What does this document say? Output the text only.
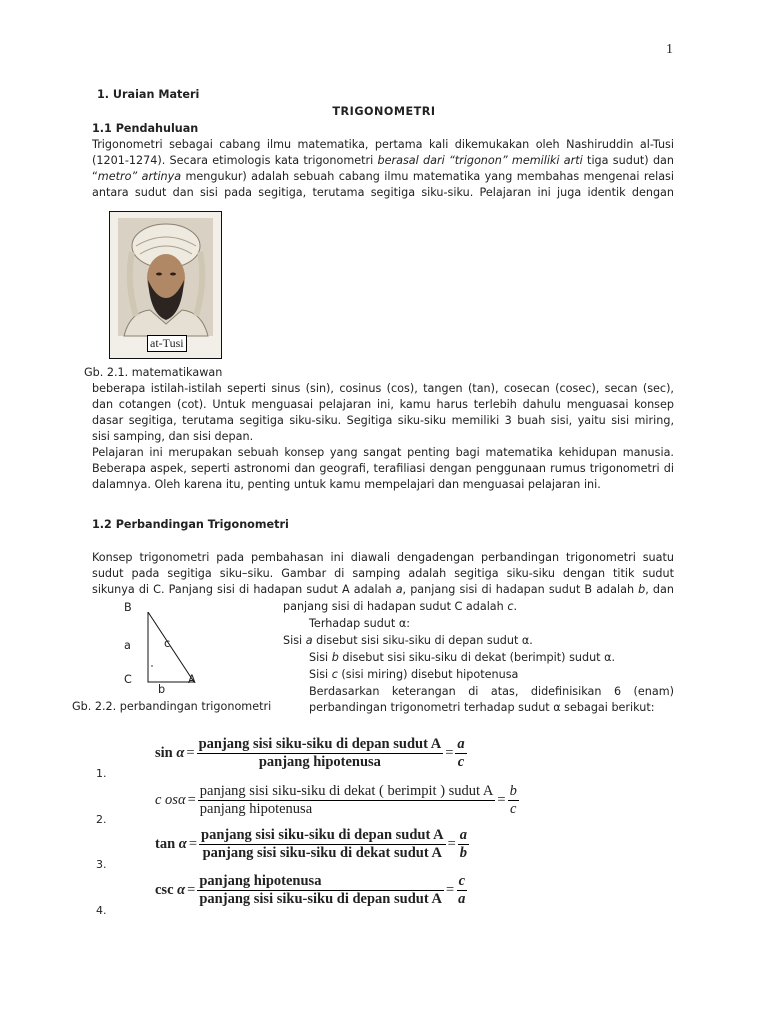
1
1. Uraian Materi
TRIGONOMETRI
1.1 Pendahuluan
Trigonometri sebagai cabang ilmu matematika, pertama kali dikemukakan oleh Nashiruddin al-Tusi
(1201-1274). Secara etimologis kata trigonometri berasal dari “trigonon” memiliki arti tiga sudut) dan
“metro” artinya mengukur) adalah sebuah cabang ilmu matematika yang membahas mengenai relasi
antara sudut dan sisi pada segitiga, terutama segitiga siku-siku. Pelajaran ini juga identik dengan
at-Tusi
Gb. 2.1. matematikawan
beberapa istilah-istilah seperti sinus (sin), cosinus (cos), tangen (tan), cosecan (cosec), secan (sec),
dan cotangen (cot). Untuk menguasai pelajaran ini, kamu harus terlebih dahulu menguasai konsep
dasar segitiga, terutama segitiga siku-siku. Segitiga siku-siku memiliki 3 buah sisi, yaitu sisi miring,
sisi samping, dan sisi depan.
Pelajaran ini merupakan sebuah konsep yang sangat penting bagi matematika kehidupan manusia.
Beberapa aspek, seperti astronomi dan geografi, terafiliasi dengan penggunaan rumus trigonometri di
dalamnya. Oleh karena itu, penting untuk kamu mempelajari dan menguasai pelajaran ini.
1.2 Perbandingan Trigonometri
Konsep trigonometri pada pembahasan ini diawali dengadengan perbandingan trigonometri suatu
sudut pada segitiga siku–siku. Gambar di samping adalah segitiga siku-siku dengan titik sudut
sikunya di C. Panjang sisi di hadapan sudut A adalah a, panjang sisi di hadapan sudut B adalah b, dan
panjang sisi di hadapan sudut C adalah c.
Terhadap sudut α:
Sisi a disebut sisi siku-siku di depan sudut α.
Sisi b disebut sisi siku-siku di dekat (berimpit) sudut α.
Sisi c (sisi miring) disebut hipotenusa
Berdasarkan keterangan di atas, didefinisikan 6 (enam)
perbandingan trigonometri terhadap sudut α sebagai berikut:
B
a	c
C
b
A
Gb. 2.2. perbandingan trigonometri
1.
sin
$\alpha = \frac{\text{panjang sisi siku-siku di depan sudut A}}{\text{panjang hipotenusa}} = \frac{a}{c}$
2.
c os $\alpha = \frac{\text{panjang sisi siku-siku di dekat ( berimpit ) sudut A}}{\text{panjang hipotenusa}} = \frac{b}{c}$
3.
tan
$\alpha = \frac{\text{panjang sisi siku-siku di depan sudut A}}{\text{panjang sisi siku-siku di dekat sudut A}} = \frac{a}{b}$
4.
csc
$\alpha = \frac{\text{panjang hipotenusa}}{\text{panjang sisi siku-siku di depan sudut A}} = \frac{c}{a}$
